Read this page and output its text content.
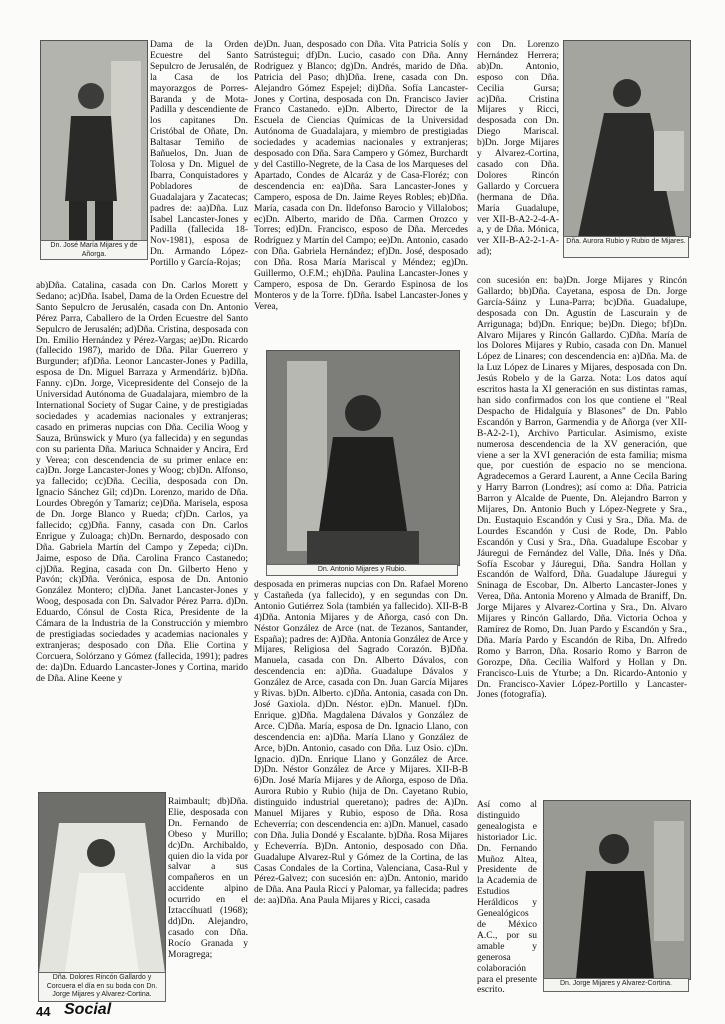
Dama de la Orden Ecuestre del Santo Sepulcro de Jerusalén, de la Casa de los mayorazgos de Porres-Baranda y de Mota-Padilla y descendiente de los capitanes Dn. Cristóbal de Oñate, Dn. Baltasar Temiño de Bañuelos, Dn. Juan de Tolosa y Dn. Miguel de Ibarra, Conquistadores y Pobladores de Guadalajara y Zacatecas; padres de: aa)Dña. Luz Isabel Lancaster-Jones y Padilla (fallecida 18-Nov-1981), esposa de Dn. Armando López-Portillo y García-Rojas;

ab)Dña. Catalina, casada con Dn. Carlos Morett y Sedano; ac)Dña. Isabel, Dama de la Orden Ecuestre del Santo Sepulcro de Jerusalén, casada con Dn. Antonio Pérez Parra, Caballero de la Orden Ecuestre del Santo Sepulcro de Jerusalén; ad)Dña. Cristina, desposada con Dn. Emilio Hernández y Pérez-Vargas; ae)Dn. Ricardo (fallecido 1987), marido de Dña. Pilar Guerrero y Burgunder; af)Dña. Leonor Lancaster-Jones y Padilla, esposa de Dn. Miguel Barraza y Armendáriz. b)Dña. Fanny. c)Dn. Jorge, Vicepresidente del Consejo de la Universidad Autónoma de Guadalajara, miembro de la International Society of Sugar Caine, y de prestigiadas sociedades y academias nacionales y extranjeras; casado en primeras nupcias con Dña. Cecilia Woog y Sauza, Brünswick y Muro (ya fallecida) y en segundas con su parienta Dña. Mariuca Schnaider y Ancira, Erd y Verea; con descendencia de su primer enlace en: ca)Dn. Jorge Lancaster-Jones y Woog; cb)Dn. Alfonso, ya fallecido; cc)Dña. Cecilia, desposada con Dn. Ignacio Sánchez Gil; cd)Dn. Lorenzo, marido de Dña. Lourdes Obregón y Tamariz; ce)Dña. Marisela, esposa de Dn. Jorge Blanco y Rueda; cf)Dn. Carlos, ya fallecido; cg)Dña. Fanny, casada con Dn. Carlos Enrigue y Zuloaga; ch)Dn. Bernardo, desposado con Dña. Gabriela Martín del Campo y Zepeda; ci)Dn. Jaime, esposo de Dña. Carolina Franco Castanedo; cj)Dña. Regina, casada con Dn. Gilberto Heno y Pavón; ck)Dña. Verónica, esposa de Dn. Antonio González Montero; cl)Dña. Janet Lancaster-Jones y Woog, desposada con Dn. Salvador Pérez Parra. d)Dn. Eduardo, Cónsul de Costa Rica, Presidente de la Cámara de la Industria de la Construcción y miembro de prestigiadas sociedades y academias nacionales y extranjeras; desposado con Dña. Elie Cortina y Corcuera, Solórzano y Gómez (fallecida, 1991); padres de: da)Dn. Eduardo Lancaster-Jones y Cortina, marido de Dña. Aline Keene y

Raimbault; db)Dña. Elie, desposada con Dn. Fernando de Obeso y Murillo; dc)Dn. Archibaldo, quien dio la vida por salvar a sus compañeros en un accidente alpino ocurrido en el Iztaccíhuatl (1968); dd)Dn. Alejandro, casado con Dña. Rocío Granada y Moragrega;

de)Dn. Juan, desposado con Dña. Vita Patricia Solís y Satrústegui; df)Dn. Lucio, casado con Dña. Anny Rodríguez y Blanco; dg)Dn. Andrés, marido de Dña. Patricia del Paso; dh)Dña. Irene, casada con Dn. Alejandro Gómez Espejel; di)Dña. Sofía Lancaster-Jones y Cortina, desposada con Dn. Francisco Javier Franco Castanedo. e)Dn. Alberto, Director de la Escuela de Ciencias Químicas de la Universidad Autónoma de Guadalajara, y miembro de prestigiadas sociedades y academias nacionales y extranjeras; desposado con Dña. Sara Campero y Gómez, Burchardt y del Castillo-Negrete, de la Casa de los Marqueses del Apartado, Condes de Alcaráz y de Casa-Floréz; con descendencia en: ea)Dña. Sara Lancaster-Jones y Campero, esposa de Dn. Jaime Reyes Robles; eb)Dña. María, casada con Dn. Ildefonso Barocio y Villalobos; ec)Dn. Alberto, marido de Dña. Carmen Orozco y Torres; ed)Dn. Francisco, esposo de Dña. Mercedes Rodríguez y Martín del Campo; ee)Dn. Antonio, casado con Dña. Gabriela Hernández; ef)Dn. José, desposado con Dña. Rosa María Mariscal y Méndez; eg)Dn. Guillermo, O.F.M.; eh)Dña. Paulina Lancaster-Jones y Campero, esposa de Dn. Gerardo Espinosa de los Monteros y de la Torre. f)Dña. Isabel Lancaster-Jones y Verea,

desposada en primeras nupcias con Dn. Rafael Moreno y Castañeda (ya fallecido), y en segundas con Dn. Antonio Gutiérrez Sola (también ya fallecido). XII-B-B 4)Dña. Antonia Mijares y de Añorga, casó con Dn. Néstor González de Arce (nat. de Tezanos, Santander, España); padres de: A)Dña. Antonia González de Arce y Mijares, Religiosa del Sagrado Corazón. B)Dña. Manuela, casada con Dn. Alberto Dávalos, con descendencia en: a)Dña. Guadalupe Dávalos y González de Arce, casada con Dn. Juan García Mijares y Rivas. b)Dn. Alberto. c)Dña. Antonia, casada con Dn. José Gaxiola. d)Dn. Néstor. e)Dn. Manuel. f)Dn. Enrique. g)Dña. Magdalena Dávalos y González de Arce. C)Dña. María, esposa de Dn. Ignacio Llano, con descendencia en: a)Dña. María Llano y González de Arce, b)Dn. Antonio, casado con Dña. Luz Osio. c)Dn. Ignacio. d)Dn. Enrique Llano y González de Arce. D)Dn. Néstor González de Arce y Mijares. XII-B-B 6)Dn. José María Mijares y de Añorga, esposo de Dña. Aurora Rubio y Rubio (hija de Dn. Cayetano Rubio, distinguido industrial queretano); padres de: A)Dn. Manuel Mijares y Rubio, esposo de Dña. Rosa Echeverría; con descendencia en: a)Dn. Manuel, casado con Dña. Julia Dondé y Escalante. b)Dña. Rosa Mijares y Echeverría. B)Dn. Antonio, desposado con Dña. Guadalupe Alvarez-Rul y Gómez de la Cortina, de las Casas Condales de la Cortina, Valenciana, Casa-Rul y Pérez-Galvez; con sucesión en: a)Dn. Antonio, marido de Dña. Ana Paula Ricci y Palomar, ya fallecida; padres de: aa)Dña. Ana Paula Mijares y Ricci, casada

con Dn. Lorenzo Hernández Herrera; ab)Dn. Antonio, esposo con Dña. Cecilia Gursa; ac)Dña. Cristina Mijares y Ricci, desposada con Dn. Diego Mariscal. b)Dn. Jorge Mijares y Alvarez-Cortina, casado con Dña. Dolores Rincón Gallardo y Corcuera (hermana de Dña. María Guadalupe, ver XII-B-A2-2-4-A-a, y de Dña. Mónica, ver XII-B-A2-2-1-A-ad);

con sucesión en: ba)Dn. Jorge Mijares y Rincón Gallardo; bb)Dña. Cayetana, esposa de Dn. Jorge García-Sáinz y Luna-Parra; bc)Dña. Guadalupe, desposada con Dn. Agustín de Lascurain y de Arrigunaga; bd)Dn. Enrique; be)Dn. Diego; bf)Dn. Alvaro Mijares y Rincón Gallardo. C)Dña. María de los Dolores Mijares y Rubio, casada con Dn. Manuel López de Linares; con descendencia en: a)Dña. Ma. de la Luz López de Linares y Mijares, desposada con Dn. Jesús Robelo y de la Garza. Nota: Los datos aquí escritos hasta la XI generación en sus distintas ramas, han sido confirmados con los que contiene el "Real Despacho de Hidalguía y Blasones" de Dn. Pablo Escandón y Barron, Garmendia y de Añorga (ver XII-B-A2-2-1), Archivo Particular. Asimismo, existe numerosa descendencia de la XV generación, que viene a ser la XVI generación de esta familia; misma que, por cuestión de espacio no se menciona. Agradecemos a Gerard Laurent, a Anne Cecila Baring y Harry Barron (Londres); así como a: Dña. Patricia Barron y Alcalde de Puente, Dn. Alejandro Barron y Mijares, Dn. Antonio Buch y López-Negrete y Sra., Dn. Eustaquio Escandón y Cusi y Sra., Dña. Ma. de Lourdes Escandón y Cusi de Rode, Dn. Pablo Escandón y Cusi y Sra., Dña. Guadalupe Escobar y Jáuregui de Fernández del Valle, Dña. Inés y Dña. Sofía Escobar y Jáuregui, Dña. Sandra Hollan y Escandón de Walford, Dña. Guadalupe Jáuregui y Sninaga de Escobar, Dn. Alberto Lancaster-Jones y Verea, Dña. Antonia Moreno y Almada de Braniff, Dn. Jorge Mijares y Alvarez-Cortina y Sra., Dn. Alvaro Mijares y Rincón Gallardo, Dña. Victoria Ochoa y Ramírez de Romo, Dn. Juan Pardo y Escandón y Sra., Dña. María Pardo y Escandón de Riba, Dn. Alfredo Romo y Barron, Dña. Rosario Romo y Barron de Gorozpe, Dña. Cecilia Walford y Hollan y Dn. Francisco-Luis de Yturbe; a Dn. Ricardo-Antonio y Dn. Francisco-Xavier López-Portillo y Lancaster-Jones (fotografía).

Así como al distinguido genealogista e historiador Lic. Dn. Fernando Muñoz Altea, Presidente de la Academia de Estudios Heráldicos y Genealógicos de México A.C., por su amable y generosa colaboración para el presente escrito.

Dn. José María Mijares y de Añorga.
Dña. Aurora Rubio y Rubio de Mijares.
Dn. Antonio Mijares y Rubio.
Dña. Dolores Rincón Gallardo y Corcuera el día en su boda con Dn. Jorge Mijares y Alvarez-Cortina.
Dn. Jorge Mijares y Alvarez-Cortina.
44 Social
